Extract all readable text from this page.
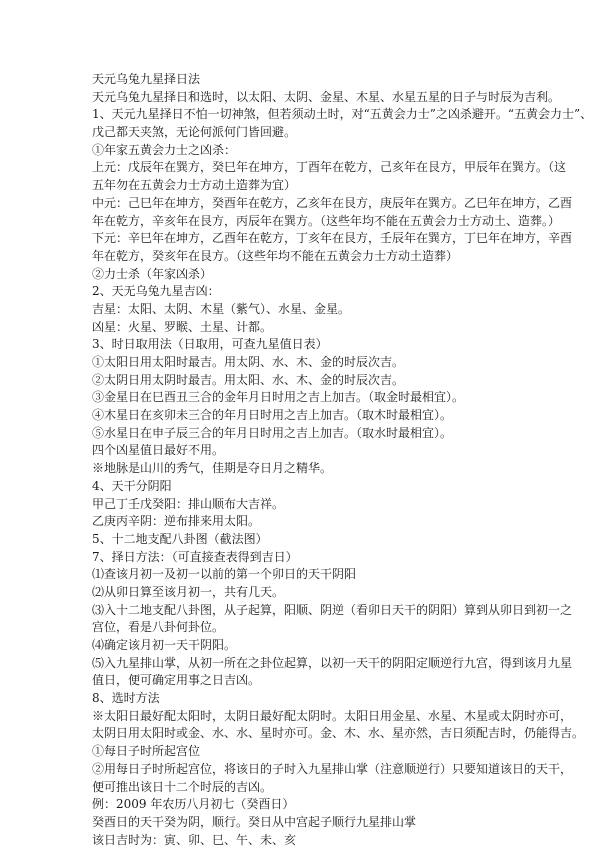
天元乌兔九星择日法
天元乌兔九星择日和选时，以太阳、太阴、金星、木星、水星五星的日子与时辰为吉利。
1、天元九星择日不怕一切神煞，但若须动土时，对“五黄会力士”之凶杀避开。“五黄会力士”、
戊己都天夹煞，无论何派何门皆回避。
①年家五黄会力士之凶杀：
上元：戊辰年在巽方，癸巳年在坤方，丁酉年在乾方，己亥年在艮方，甲辰年在巽方。（这
五年勿在五黄会力士方动土造葬为宜）
中元：己巳年在坤方，癸酉年在乾方，乙亥年在艮方，庚辰年在巽方。乙巳年在坤方，乙酉
年在乾方，辛亥年在艮方，丙辰年在巽方。（这些年均不能在五黄会力士方动土、造葬。）
下元：辛巳年在坤方，乙酉年在乾方，丁亥年在艮方，壬辰年在巽方，丁巳年在坤方，辛酉
年在乾方，癸亥年在艮方。（这些年均不能在五黄会力士方动土造葬）
②力士杀（年家凶杀）
2、天无乌兔九星吉凶：
吉星：太阳、太阴、木星（紫气）、水星、金星。
凶星：火星、罗睺、土星、计都。
3、时日取用法（日取用，可查九星值日表）
①太阳日用太阳时最吉。用太阴、水、木、金的时辰次吉。
②太阴日用太阴时最吉。用太阳、水、木、金的时辰次吉。
③金星日在巳酉丑三合的金年月日时用之吉上加吉。（取金时最相宜）。
④木星日在亥卯未三合的年月日时用之吉上加吉。（取木时最相宜）。
⑤水星日在申子辰三合的年月日时用之吉上加吉。（取水时最相宜）。
四个凶星值日最好不用。
※地脉是山川的秀气，佳期是夺日月之精华。
4、天干分阴阳
甲己丁壬戊癸阳：排山顺布大吉祥。
乙庚丙辛阴：逆布排来用太阳。
5、十二地支配八卦图（截法图）
7、择日方法：（可直接查表得到吉日）
⑴查该月初一及初一以前的第一个卯日的天干阴阳
⑵从卯日算至该月初一，共有几天。
⑶入十二地支配八卦图，从子起算，阳顺、阴逆（看卯日天干的阴阳）算到从卯日到初一之
宫位，看是八卦何卦位。
⑷确定该月初一天干阴阳。
⑸入九星排山掌，从初一所在之卦位起算，以初一天干的阴阳定顺逆行九宫，得到该月九星
值日，便可确定用事之日吉凶。
8、选时方法
※太阳日最好配太阳时，太阴日最好配太阴时。太阳日用金星、水星、木星或太阴时亦可，
太阴日用太阳时或金、水、水、星时亦可。金、木、水、星亦然，吉日须配吉时，仍能得吉。
①每日子时所起宫位
②用每日子时所起宫位，将该日的子时入九星排山掌（注意顺逆行）只要知道该日的天干，
便可推出该日十二个时辰的吉凶。
例：2009 年农历八月初七（癸酉日）
癸酉日的天干癸为阴，顺行。癸日从中宫起子顺行九星排山掌
该日吉时为：寅、卯、巳、午、未、亥
